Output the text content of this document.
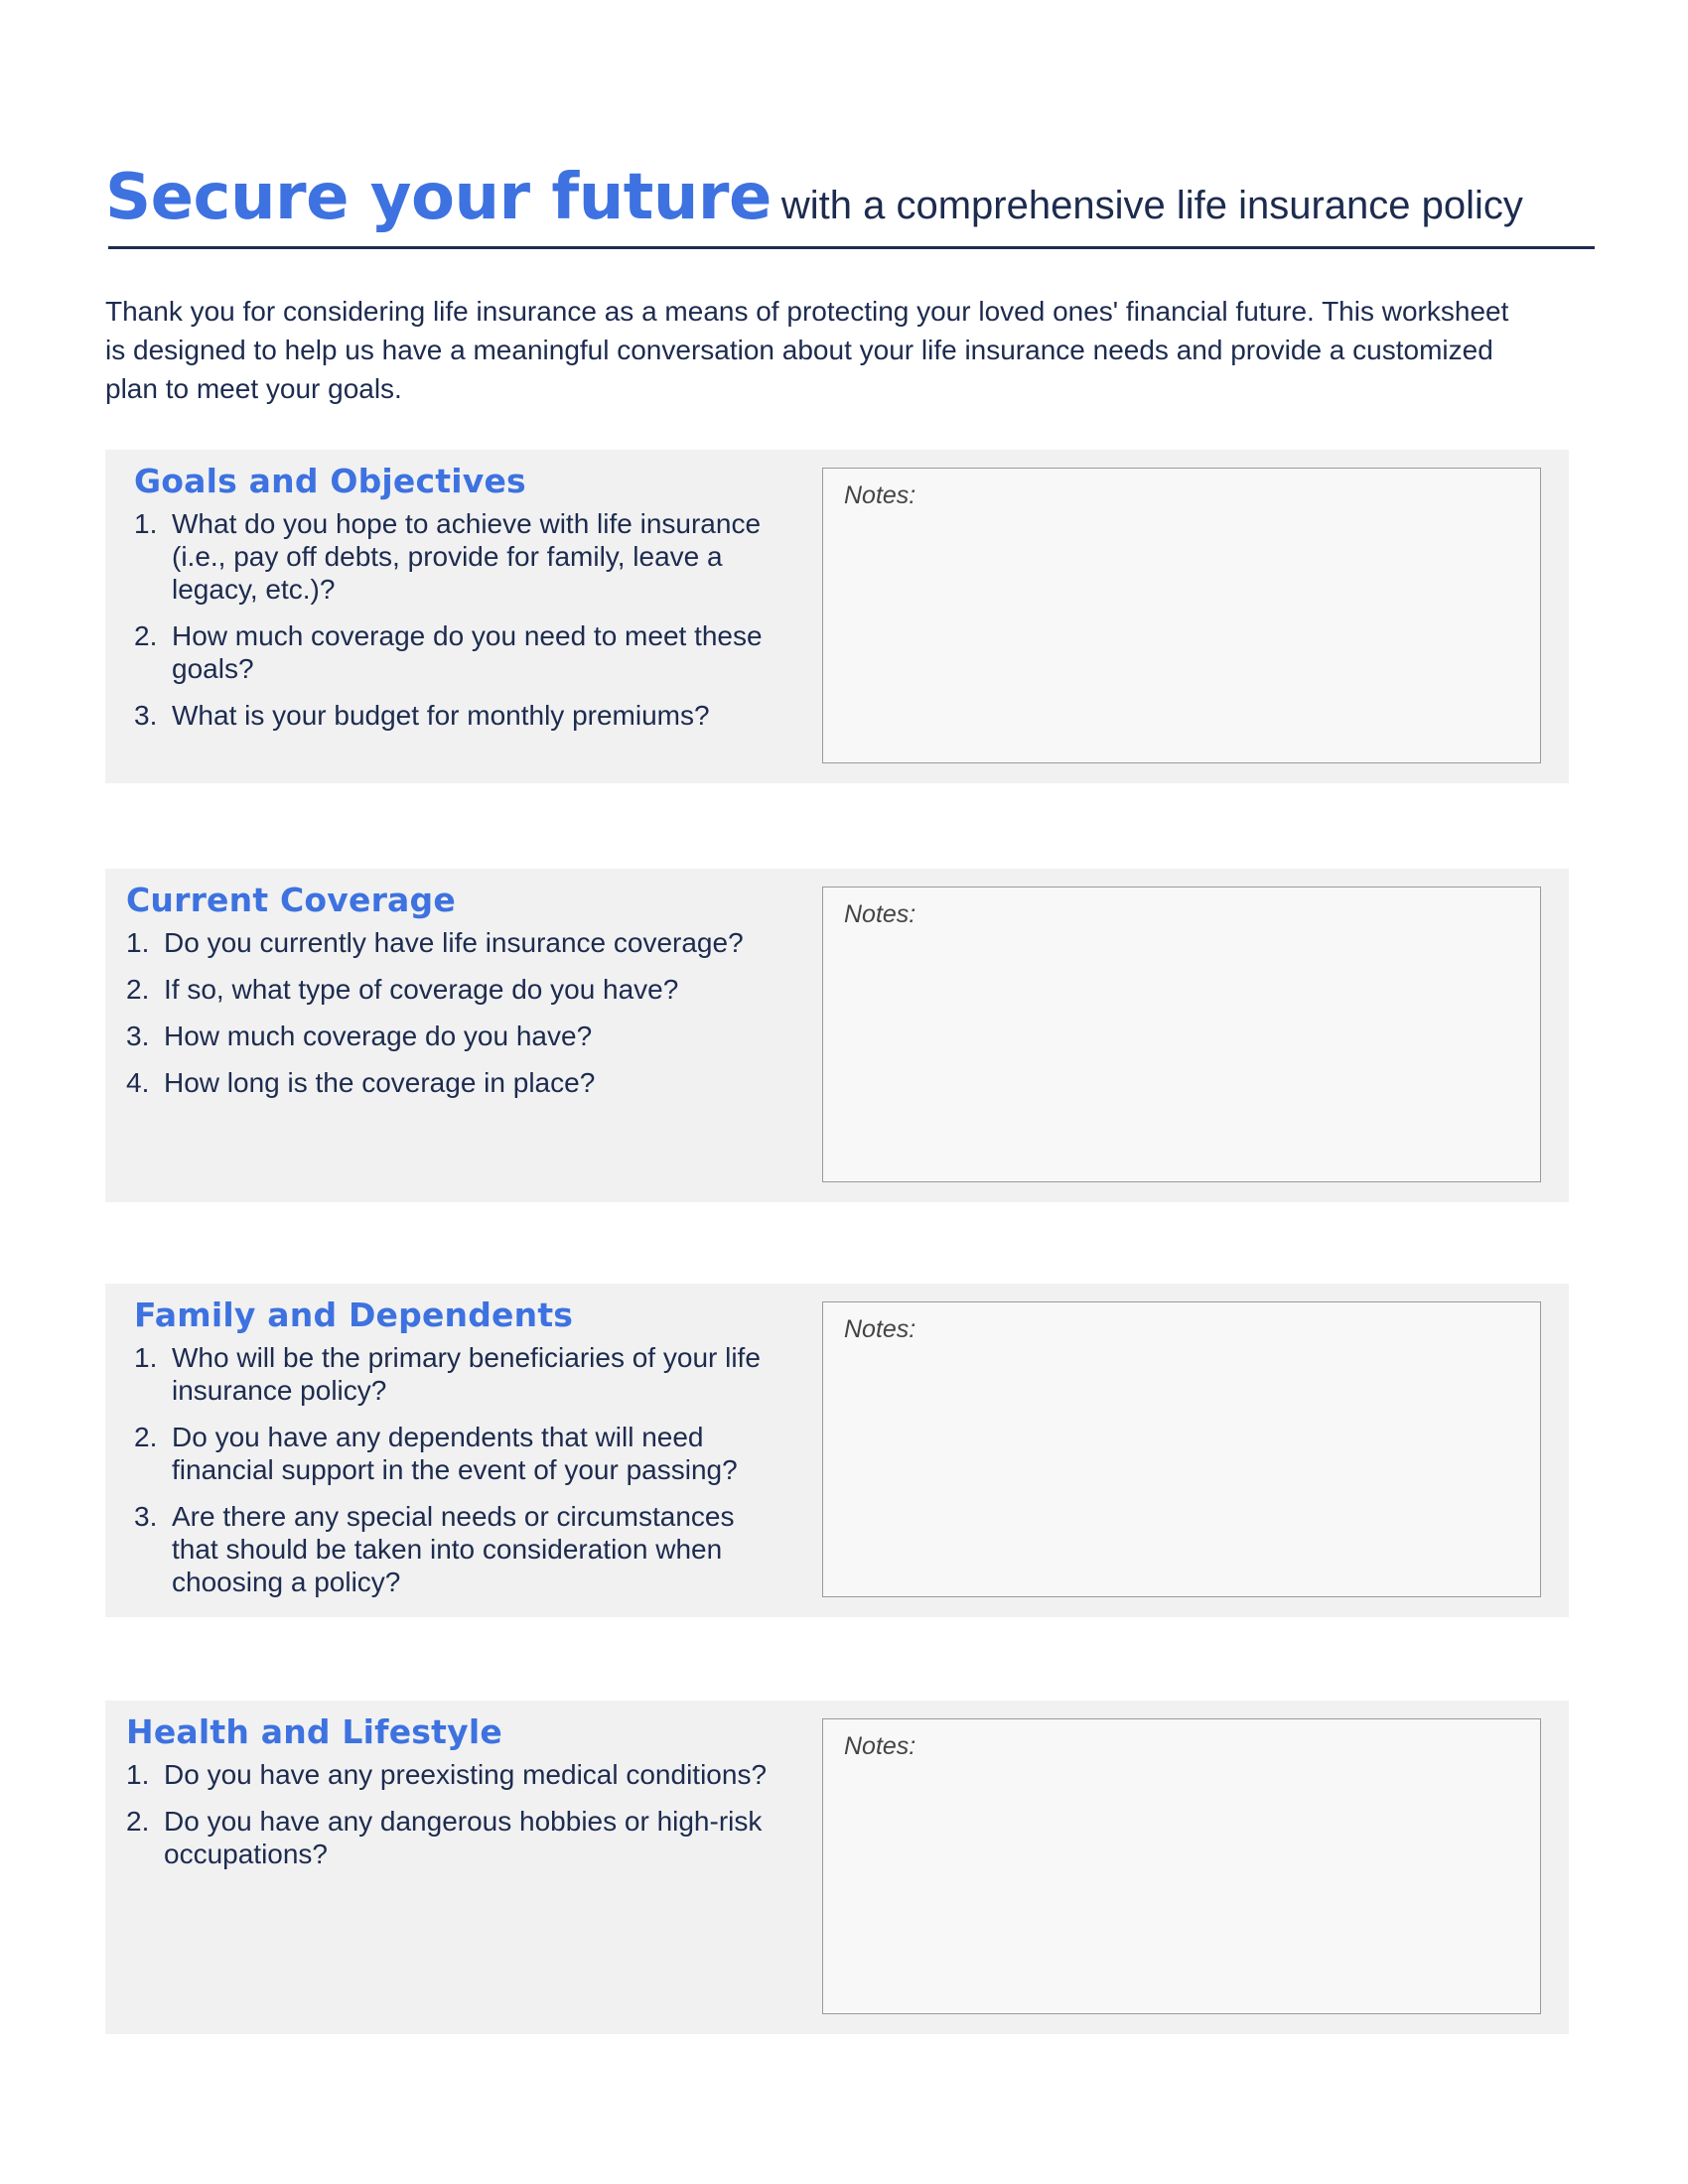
Secure your future with a comprehensive life insurance policy

Thank you for considering life insurance as a means of protecting your loved ones' financial future. This worksheet is designed to help us have a meaningful conversation about your life insurance needs and provide a customized plan to meet your goals.

Goals and Objectives
1. What do you hope to achieve with life insurance (i.e., pay off debts, provide for family, leave a legacy, etc.)?
2. How much coverage do you need to meet these goals?
3. What is your budget for monthly premiums?
Notes:
Current Coverage
1. Do you currently have life insurance coverage?
2. If so, what type of coverage do you have?
3. How much coverage do you have?
4. How long is the coverage in place?
Notes:
Family and Dependents
1. Who will be the primary beneficiaries of your life insurance policy?
2. Do you have any dependents that will need financial support in the event of your passing?
3. Are there any special needs or circumstances that should be taken into consideration when choosing a policy?
Notes:
Health and Lifestyle
1. Do you have any preexisting medical conditions?
2. Do you have any dangerous hobbies or high-risk occupations?
Notes:
